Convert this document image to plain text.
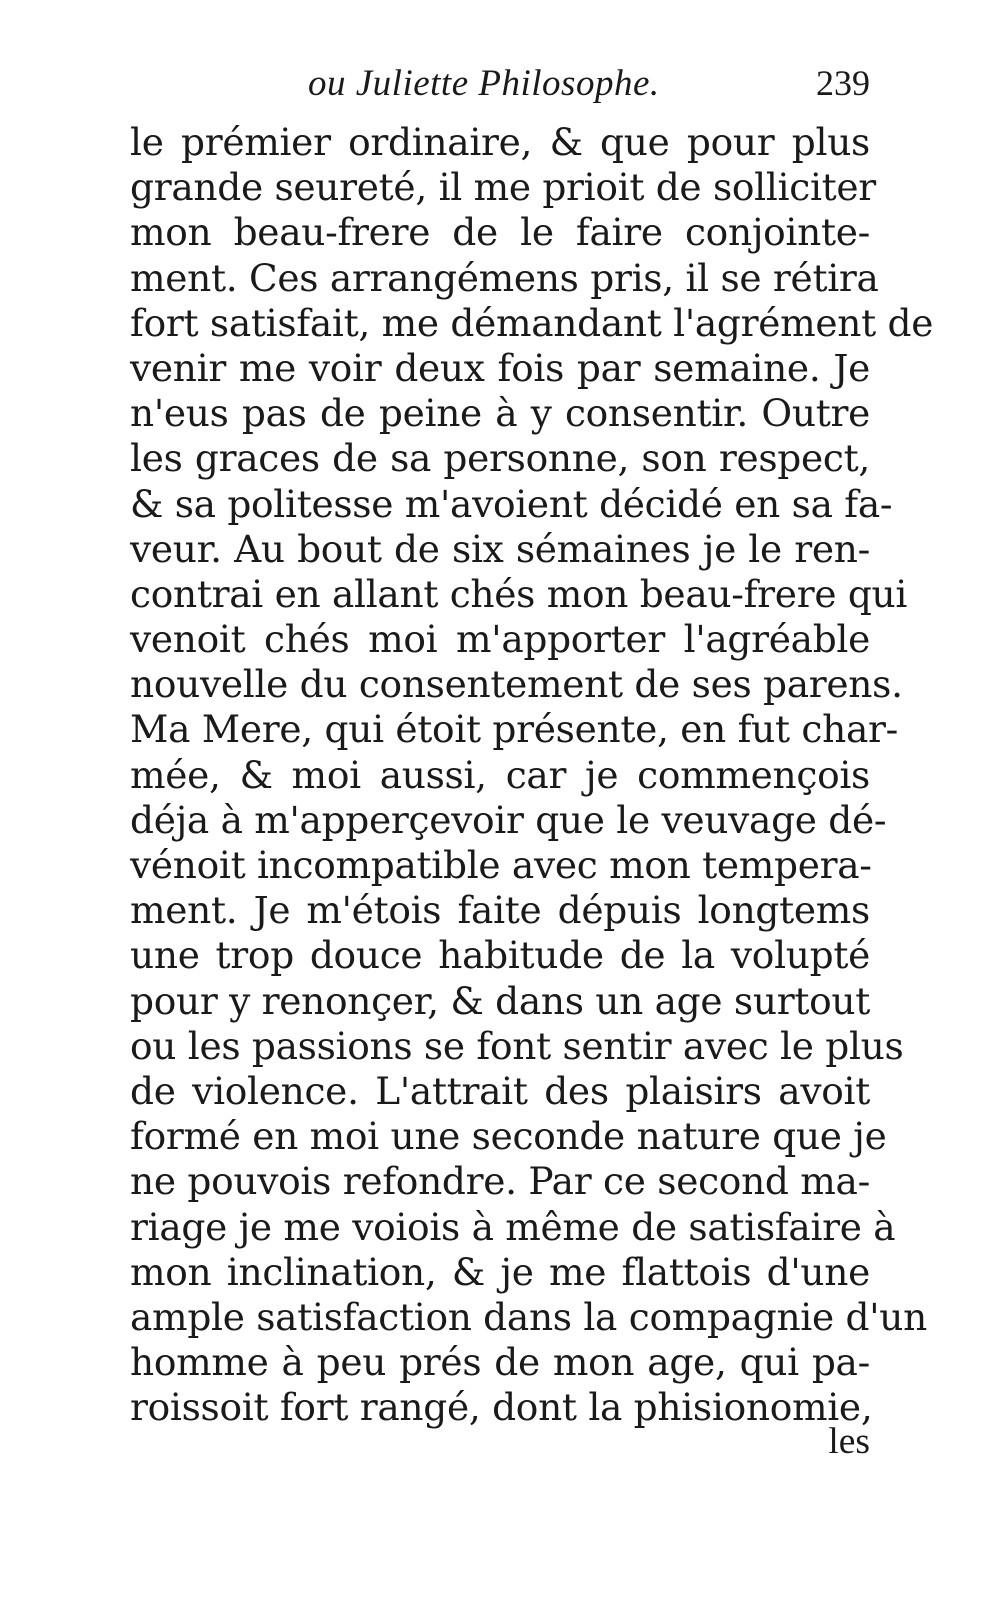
ou Juliette Philosophe.	239
le prémier ordinaire, & que pour plus
grande seureté, il me prioit de solliciter
mon beau-frere de le faire conjointe-
ment. Ces arrangémens pris, il se rétira
fort satisfait, me démandant l'agrément de
venir me voir deux fois par semaine. Je
n'eus pas de peine à y consentir. Outre
les graces de sa personne, son respect,
& sa politesse m'avoient décidé en sa fa-
veur. Au bout de six sémaines je le ren-
contrai en allant chés mon beau-frere qui
venoit chés moi m'apporter l'agréable
nouvelle du consentement de ses parens.
Ma Mere, qui étoit présente, en fut char-
mée, & moi aussi, car je commençois
déja à m'apperçevoir que le veuvage dé-
vénoit incompatible avec mon tempera-
ment. Je m'étois faite dépuis longtems
une trop douce habitude de la volupté
pour y renonçer, & dans un age surtout
ou les passions se font sentir avec le plus
de violence. L'attrait des plaisirs avoit
formé en moi une seconde nature que je
ne pouvois refondre. Par ce second ma-
riage je me voiois à même de satisfaire à
mon inclination, & je me flattois d'une
ample satisfaction dans la compagnie d'un
homme à peu prés de mon age, qui pa-
roissoit fort rangé, dont la phisionomie,
les
